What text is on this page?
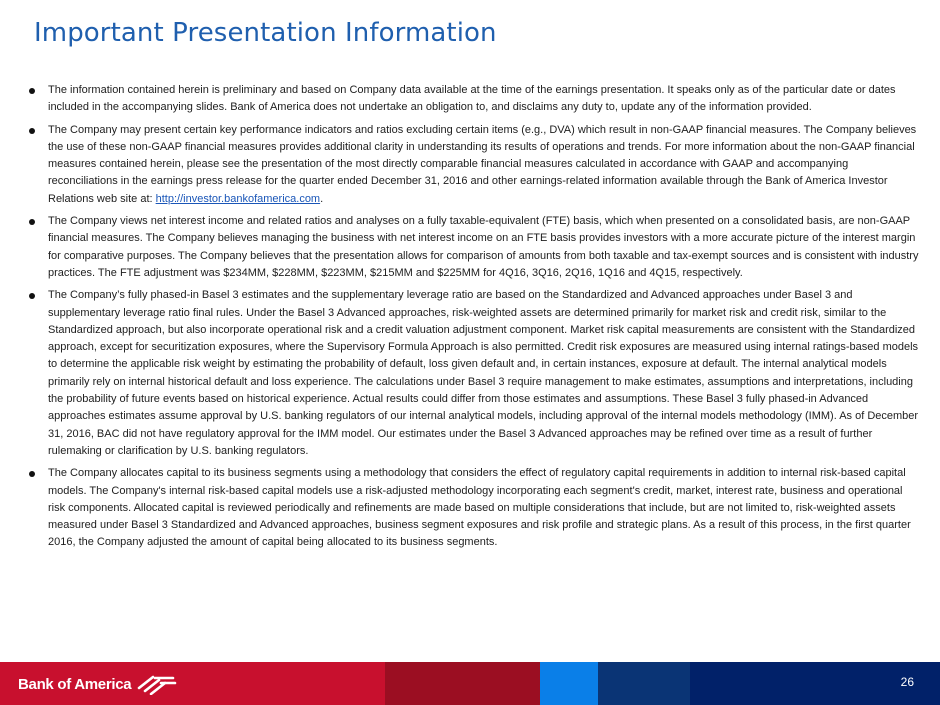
Important Presentation Information
The information contained herein is preliminary and based on Company data available at the time of the earnings presentation. It speaks only as of the particular date or dates included in the accompanying slides. Bank of America does not undertake an obligation to, and disclaims any duty to, update any of the information provided.
The Company may present certain key performance indicators and ratios excluding certain items (e.g., DVA) which result in non-GAAP financial measures. The Company believes the use of these non-GAAP financial measures provides additional clarity in understanding its results of operations and trends. For more information about the non-GAAP financial measures contained herein, please see the presentation of the most directly comparable financial measures calculated in accordance with GAAP and accompanying reconciliations in the earnings press release for the quarter ended December 31, 2016 and other earnings-related information available through the Bank of America Investor Relations web site at: http://investor.bankofamerica.com.
The Company views net interest income and related ratios and analyses on a fully taxable-equivalent (FTE) basis, which when presented on a consolidated basis, are non-GAAP financial measures. The Company believes managing the business with net interest income on an FTE basis provides investors with a more accurate picture of the interest margin for comparative purposes. The Company believes that the presentation allows for comparison of amounts from both taxable and tax-exempt sources and is consistent with industry practices. The FTE adjustment was $234MM, $228MM, $223MM, $215MM and $225MM for 4Q16, 3Q16, 2Q16, 1Q16 and 4Q15, respectively.
The Company’s fully phased-in Basel 3 estimates and the supplementary leverage ratio are based on the Standardized and Advanced approaches under Basel 3 and supplementary leverage ratio final rules. Under the Basel 3 Advanced approaches, risk-weighted assets are determined primarily for market risk and credit risk, similar to the Standardized approach, but also incorporate operational risk and a credit valuation adjustment component. Market risk capital measurements are consistent with the Standardized approach, except for securitization exposures, where the Supervisory Formula Approach is also permitted. Credit risk exposures are measured using internal ratings-based models to determine the applicable risk weight by estimating the probability of default, loss given default and, in certain instances, exposure at default. The internal analytical models primarily rely on internal historical default and loss experience. The calculations under Basel 3 require management to make estimates, assumptions and interpretations, including the probability of future events based on historical experience. Actual results could differ from those estimates and assumptions. These Basel 3 fully phased-in Advanced approaches estimates assume approval by U.S. banking regulators of our internal analytical models, including approval of the internal models methodology (IMM). As of December 31, 2016, BAC did not have regulatory approval for the IMM model. Our estimates under the Basel 3 Advanced approaches may be refined over time as a result of further rulemaking or clarification by U.S. banking regulators.
The Company allocates capital to its business segments using a methodology that considers the effect of regulatory capital requirements in addition to internal risk-based capital models. The Company's internal risk-based capital models use a risk-adjusted methodology incorporating each segment's credit, market, interest rate, business and operational risk components. Allocated capital is reviewed periodically and refinements are made based on multiple considerations that include, but are not limited to, risk-weighted assets measured under Basel 3 Standardized and Advanced approaches, business segment exposures and risk profile and strategic plans. As a result of this process, in the first quarter 2016, the Company adjusted the amount of capital being allocated to its business segments.
Bank of America	26
